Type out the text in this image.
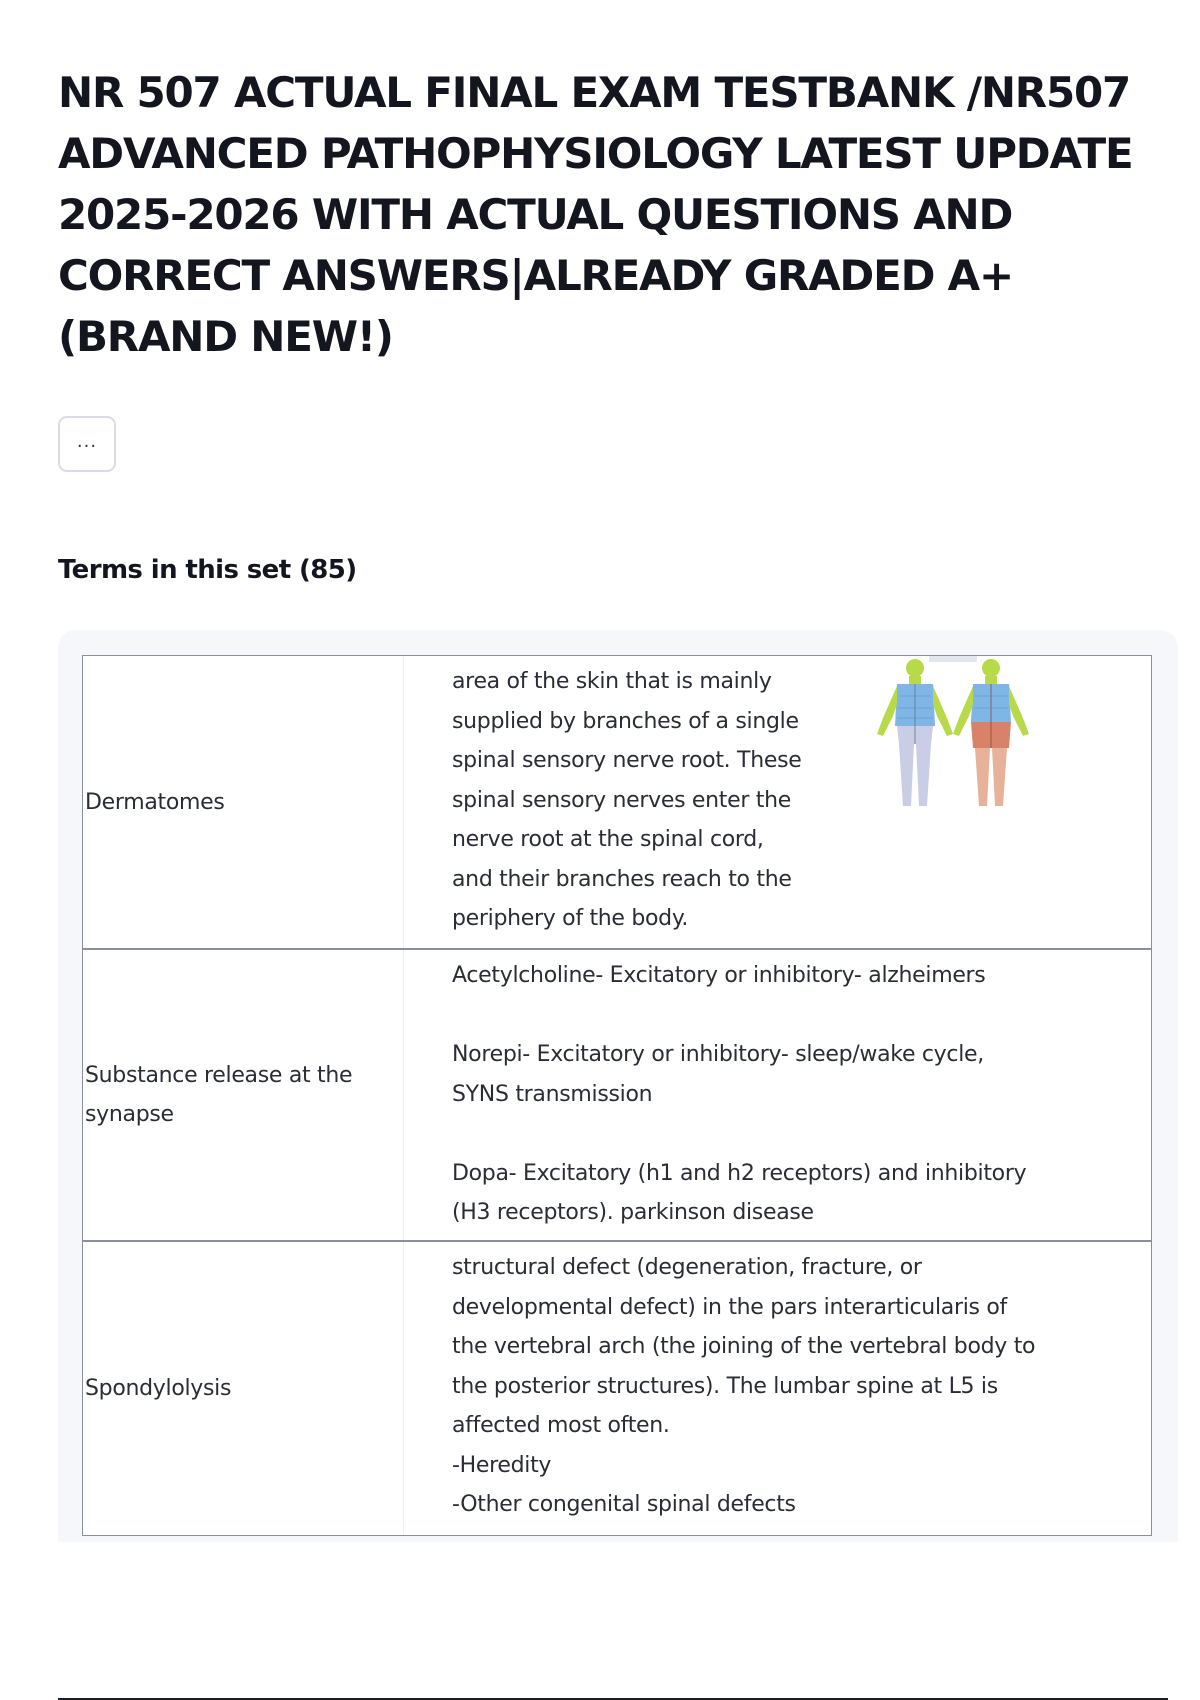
NR 507 ACTUAL FINAL EXAM TESTBANK /NR507 ADVANCED PATHOPHYSIOLOGY LATEST UPDATE 2025-2026 WITH ACTUAL QUESTIONS AND CORRECT ANSWERS|ALREADY GRADED A+ (BRAND NEW!)
...
Terms in this set (85)
Dermatomes

area of the skin that is mainly
supplied by branches of a single
spinal sensory nerve root. These
spinal sensory nerves enter the
nerve root at the spinal cord,
and their branches reach to the
periphery of the body.

Substance release at the synapse

Acetylcholine- Excitatory or inhibitory- alzheimers

Norepi- Excitatory or inhibitory- sleep/wake cycle,
SYNS transmission

Dopa- Excitatory (h1 and h2 receptors) and inhibitory
(H3 receptors). parkinson disease

Spondylolysis

structural defect (degeneration, fracture, or
developmental defect) in the pars interarticularis of
the vertebral arch (the joining of the vertebral body to
the posterior structures). The lumbar spine at L5 is
affected most often.
-Heredity
-Other congenital spinal defects
